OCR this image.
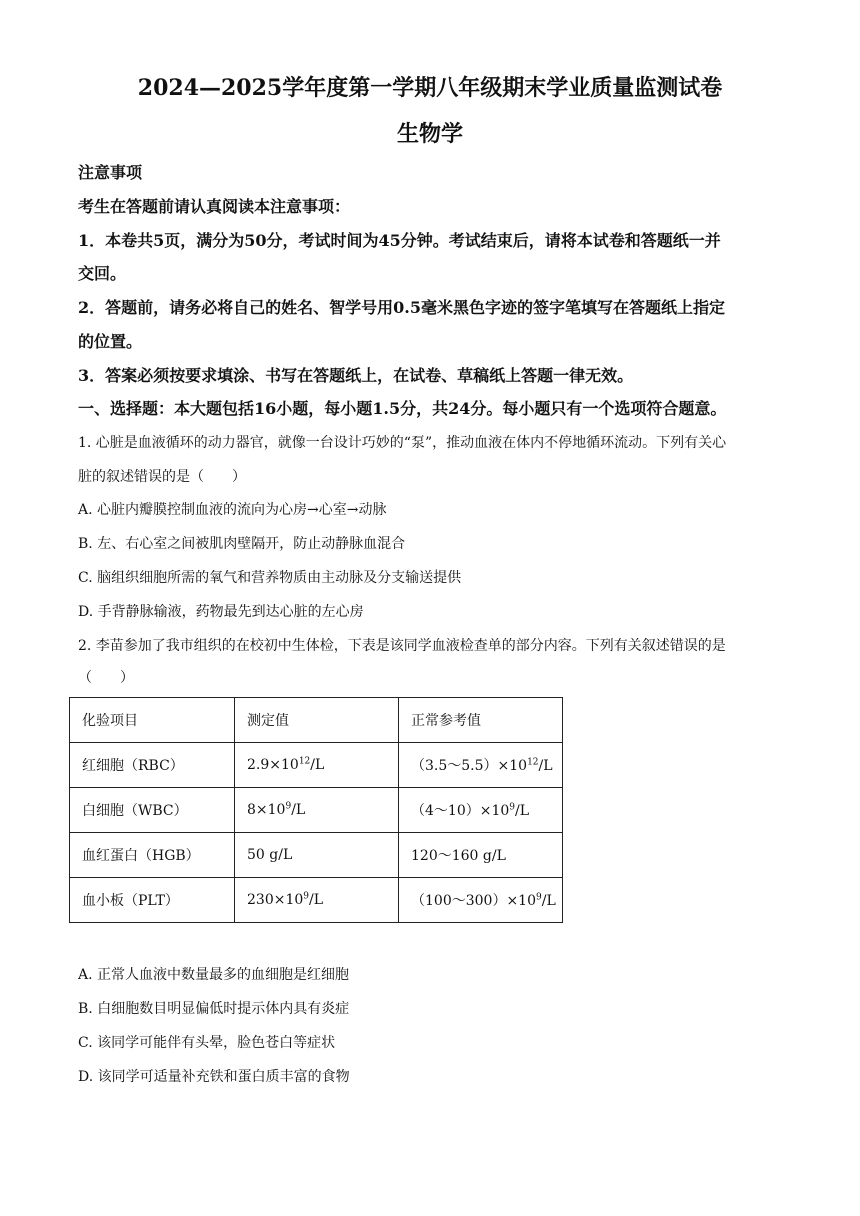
2024—2025学年度第一学期八年级期末学业质量监测试卷
生物学
注意事项
考生在答题前请认真阅读本注意事项：
1．本卷共5页，满分为50分，考试时间为45分钟。考试结束后，请将本试卷和答题纸一并
交回。
2．答题前，请务必将自己的姓名、智学号用0.5毫米黑色字迹的签字笔填写在答题纸上指定
的位置。
3．答案必须按要求填涂、书写在答题纸上，在试卷、草稿纸上答题一律无效。
一、选择题：本大题包括16小题，每小题1.5分，共24分。每小题只有一个选项符合题意。
1. 心脏是血液循环的动力器官，就像一台设计巧妙的“泵”，推动血液在体内不停地循环流动。下列有关心
脏的叙述错误的是（　　）
A. 心脏内瓣膜控制血液的流向为心房→心室→动脉
B. 左、右心室之间被肌肉壁隔开，防止动静脉血混合
C. 脑组织细胞所需的氧气和营养物质由主动脉及分支输送提供
D. 手背静脉输液，药物最先到达心脏的左心房
2. 李苗参加了我市组织的在校初中生体检，下表是该同学血液检查单的部分内容。下列有关叙述错误的是
（　　）
化验项目	测定值	正常参考值
红细胞（RBC）	$2.9\times 10^{12}/L$	$(3.5\sim 5.5)\times 10^{12}/L$
白细胞（WBC）	$8\times 10^9/L$	$(4\sim 10)\times 10^9/L$
血红蛋白（HGB）	50 g/L	120～160 g/L
血小板（PLT）	$230\times 10^9/L$	$(100\sim 300)\times 10^9/L$
A. 正常人血液中数量最多的血细胞是红细胞
B. 白细胞数目明显偏低时提示体内具有炎症
C. 该同学可能伴有头晕，脸色苍白等症状
D. 该同学可适量补充铁和蛋白质丰富的食物
